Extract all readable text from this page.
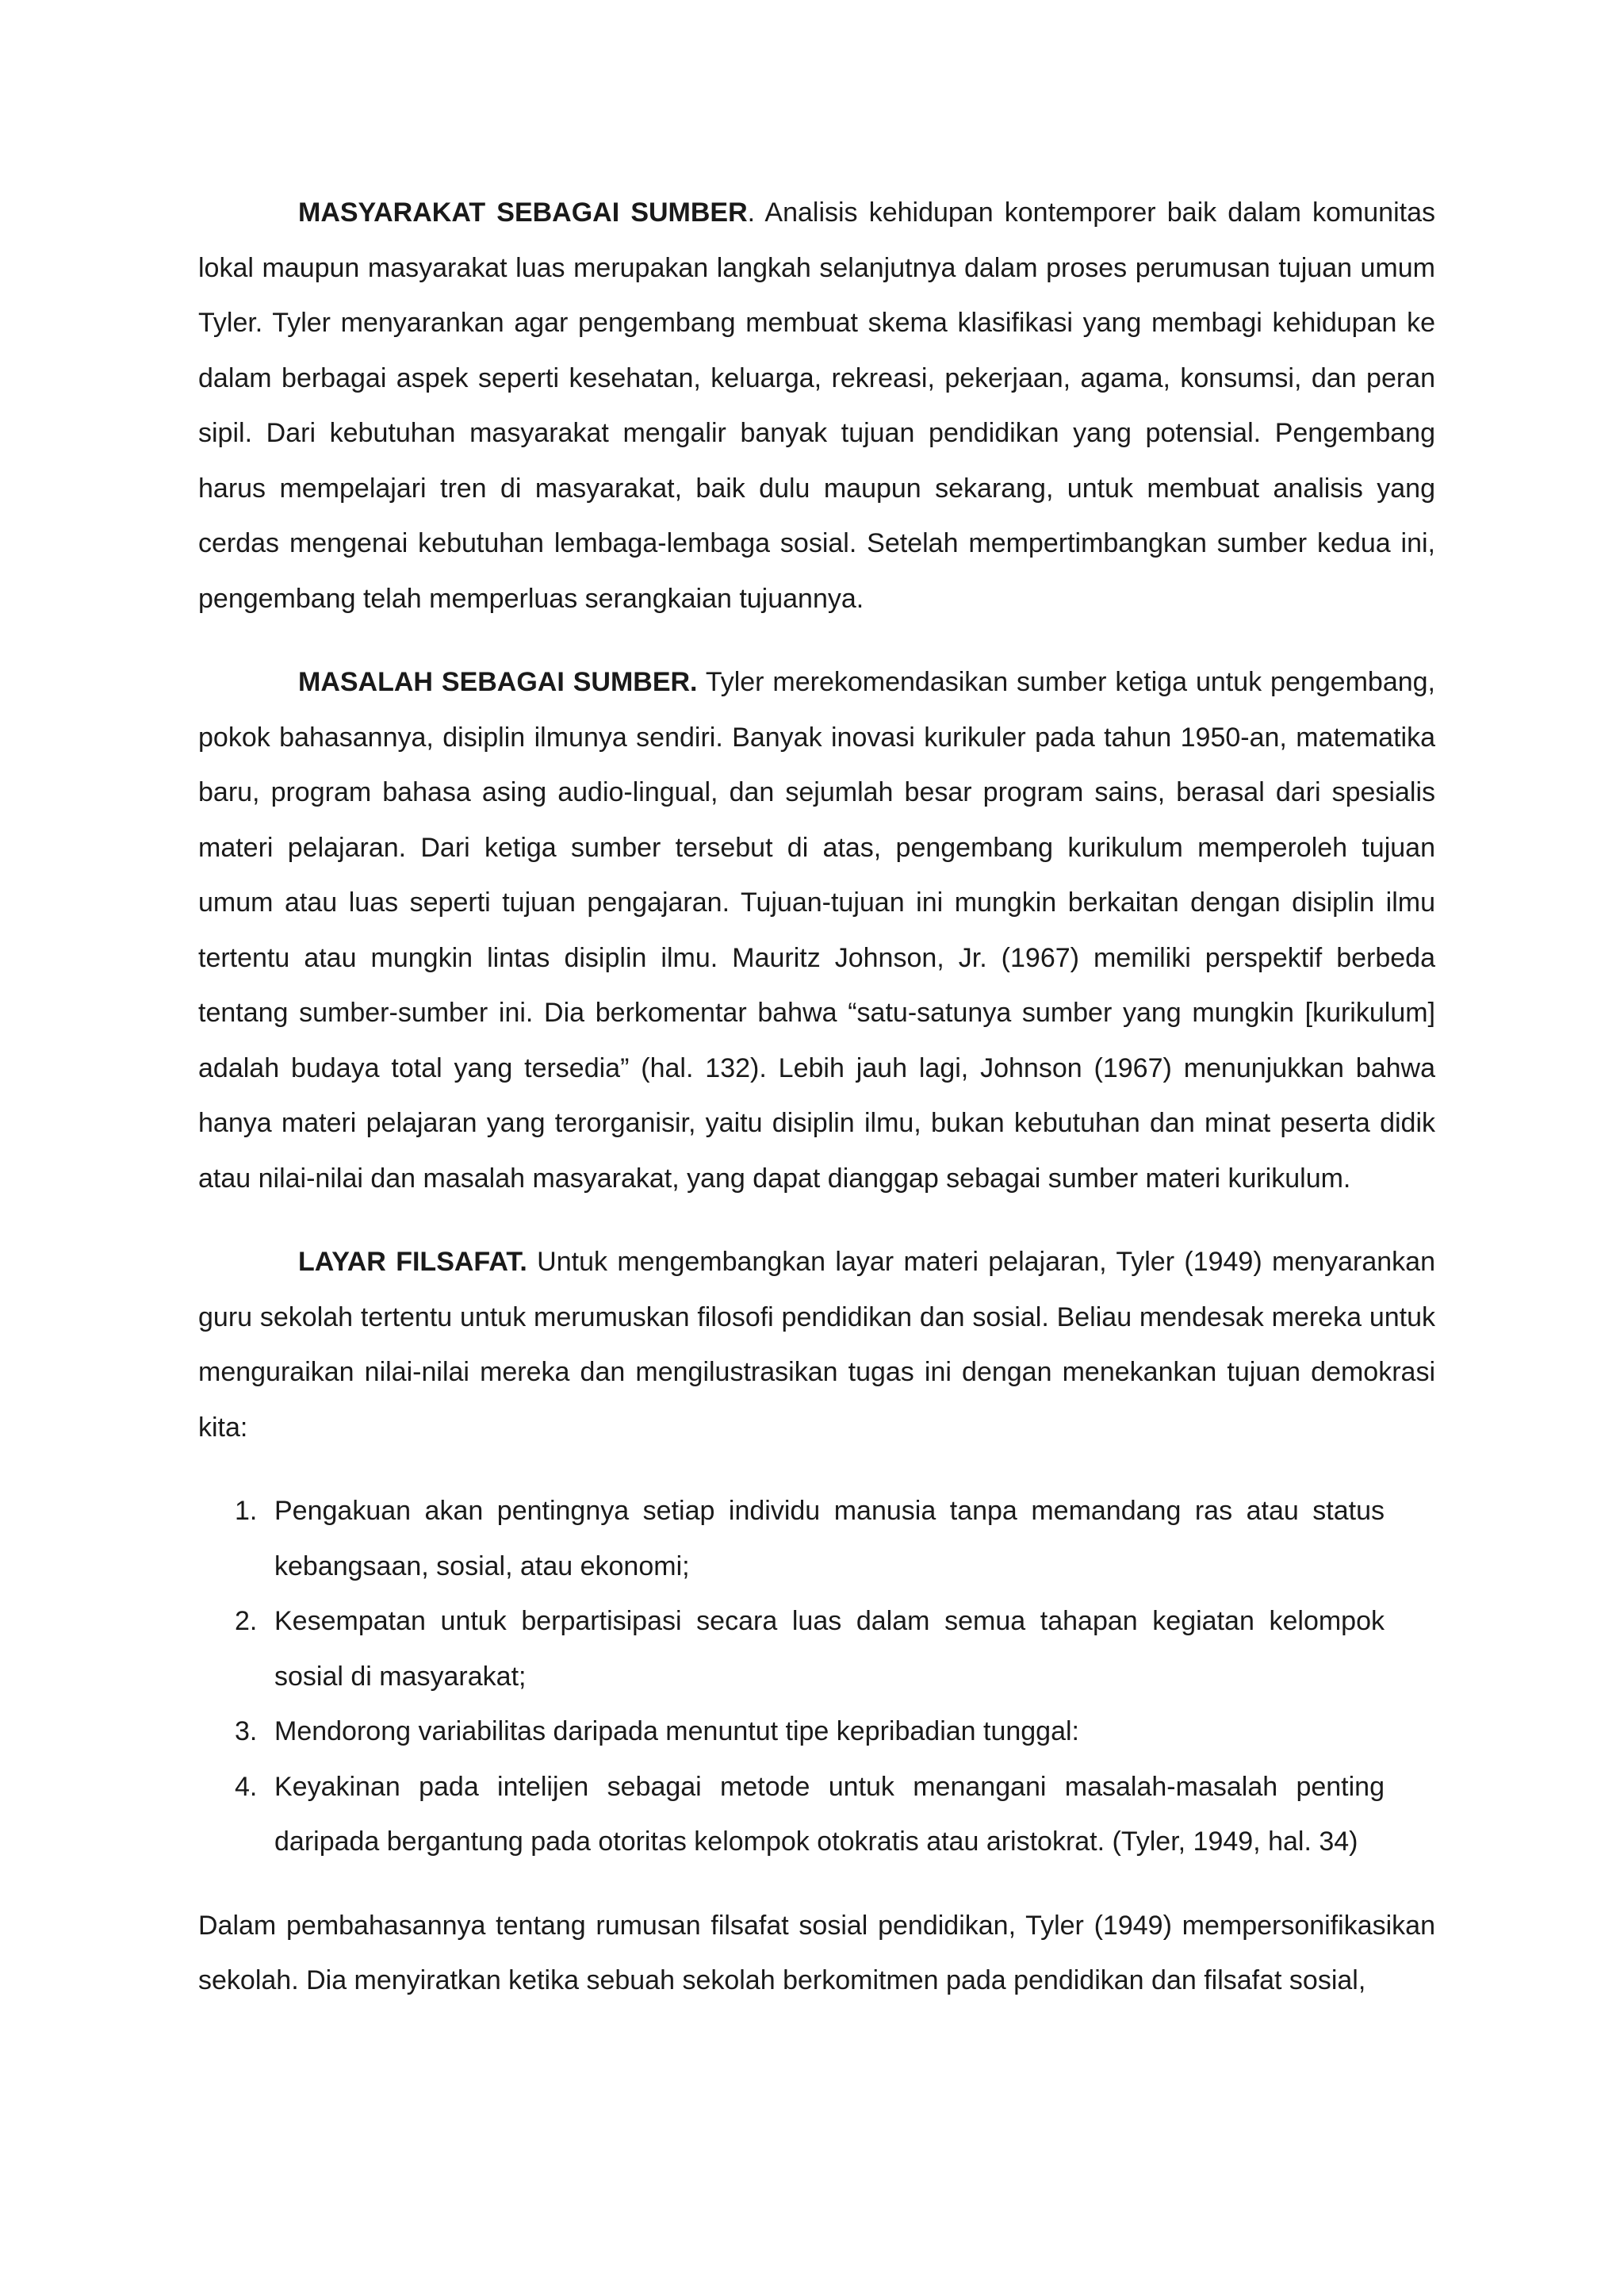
MASYARAKAT SEBAGAI SUMBER. Analisis kehidupan kontemporer baik dalam komunitas lokal maupun masyarakat luas merupakan langkah selanjutnya dalam proses perumusan tujuan umum Tyler. Tyler menyarankan agar pengembang membuat skema klasifikasi yang membagi kehidupan ke dalam berbagai aspek seperti kesehatan, keluarga, rekreasi, pekerjaan, agama, konsumsi, dan peran sipil. Dari kebutuhan masyarakat mengalir banyak tujuan pendidikan yang potensial. Pengembang harus mempelajari tren di masyarakat, baik dulu maupun sekarang, untuk membuat analisis yang cerdas mengenai kebutuhan lembaga-lembaga sosial. Setelah mempertimbangkan sumber kedua ini, pengembang telah memperluas serangkaian tujuannya.

MASALAH SEBAGAI SUMBER. Tyler merekomendasikan sumber ketiga untuk pengembang, pokok bahasannya, disiplin ilmunya sendiri. Banyak inovasi kurikuler pada tahun 1950-an, matematika baru, program bahasa asing audio-lingual, dan sejumlah besar program sains, berasal dari spesialis materi pelajaran. Dari ketiga sumber tersebut di atas, pengembang kurikulum memperoleh tujuan umum atau luas seperti tujuan pengajaran. Tujuan-tujuan ini mungkin berkaitan dengan disiplin ilmu tertentu atau mungkin lintas disiplin ilmu. Mauritz Johnson, Jr. (1967) memiliki perspektif berbeda tentang sumber-sumber ini. Dia berkomentar bahwa “satu-satunya sumber yang mungkin [kurikulum] adalah budaya total yang tersedia” (hal. 132). Lebih jauh lagi, Johnson (1967) menunjukkan bahwa hanya materi pelajaran yang terorganisir, yaitu disiplin ilmu, bukan kebutuhan dan minat peserta didik atau nilai-nilai dan masalah masyarakat, yang dapat dianggap sebagai sumber materi kurikulum.

LAYAR FILSAFAT. Untuk mengembangkan layar materi pelajaran, Tyler (1949) menyarankan guru sekolah tertentu untuk merumuskan filosofi pendidikan dan sosial. Beliau mendesak mereka untuk menguraikan nilai-nilai mereka dan mengilustrasikan tugas ini dengan menekankan tujuan demokrasi kita:

1. Pengakuan akan pentingnya setiap individu manusia tanpa memandang ras atau status kebangsaan, sosial, atau ekonomi;
2. Kesempatan untuk berpartisipasi secara luas dalam semua tahapan kegiatan kelompok sosial di masyarakat;
3. Mendorong variabilitas daripada menuntut tipe kepribadian tunggal:
4. Keyakinan pada intelijen sebagai metode untuk menangani masalah-masalah penting daripada bergantung pada otoritas kelompok otokratis atau aristokrat. (Tyler, 1949, hal. 34)

Dalam pembahasannya tentang rumusan filsafat sosial pendidikan, Tyler (1949) mempersonifikasikan sekolah. Dia menyiratkan ketika sebuah sekolah berkomitmen pada pendidikan dan filsafat sosial,
